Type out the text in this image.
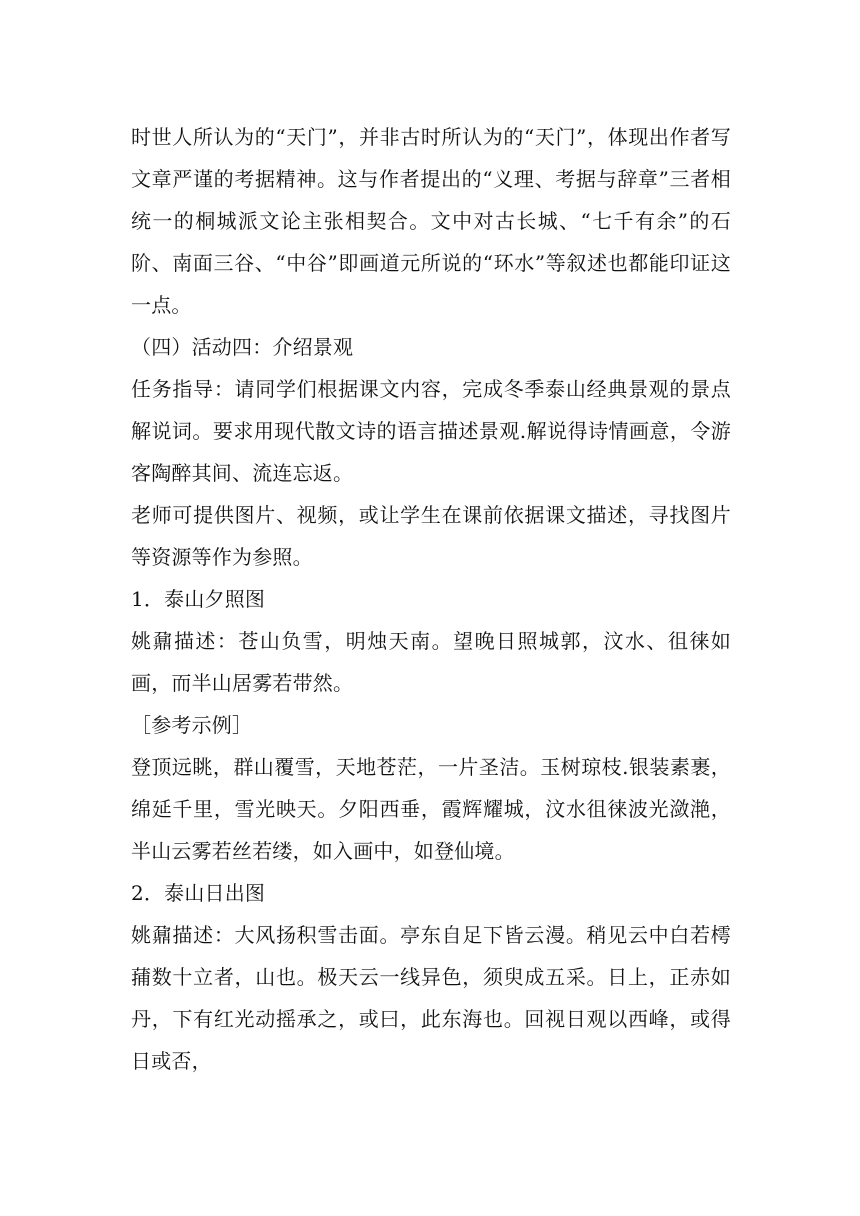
时世人所认为的“天门”，并非古时所认为的“天门”，体现出作者写文章严谨的考据精神。这与作者提出的“义理、考据与辞章”三者相统一的桐城派文论主张相契合。文中对古长城、“七千有余”的石阶、南面三谷、“中谷”即画道元所说的“环水”等叙述也都能印证这一点。

（四）活动四：介绍景观

任务指导：请同学们根据课文内容，完成冬季泰山经典景观的景点解说词。要求用现代散文诗的语言描述景观.解说得诗情画意，令游客陶醉其间、流连忘返。

老师可提供图片、视频，或让学生在课前依据课文描述，寻找图片等资源等作为参照。

1．泰山夕照图

姚鼐描述：苍山负雪，明烛天南。望晚日照城郭，汶水、徂徕如画，而半山居雾若带然。

［参考示例］

登顶远眺，群山覆雪，天地苍茫，一片圣洁。玉树琼枝.银装素裹，绵延千里，雪光映天。夕阳西垂，霞辉耀城，汶水徂徕波光潋滟，半山云雾若丝若缕，如入画中，如登仙境。

2．泰山日出图

姚鼐描述：大风扬积雪击面。亭东自足下皆云漫。稍见云中白若樗蒱数十立者，山也。极天云一线异色，须臾成五采。日上，正赤如丹，下有红光动摇承之，或曰，此东海也。回视日观以西峰，或得日或否，
